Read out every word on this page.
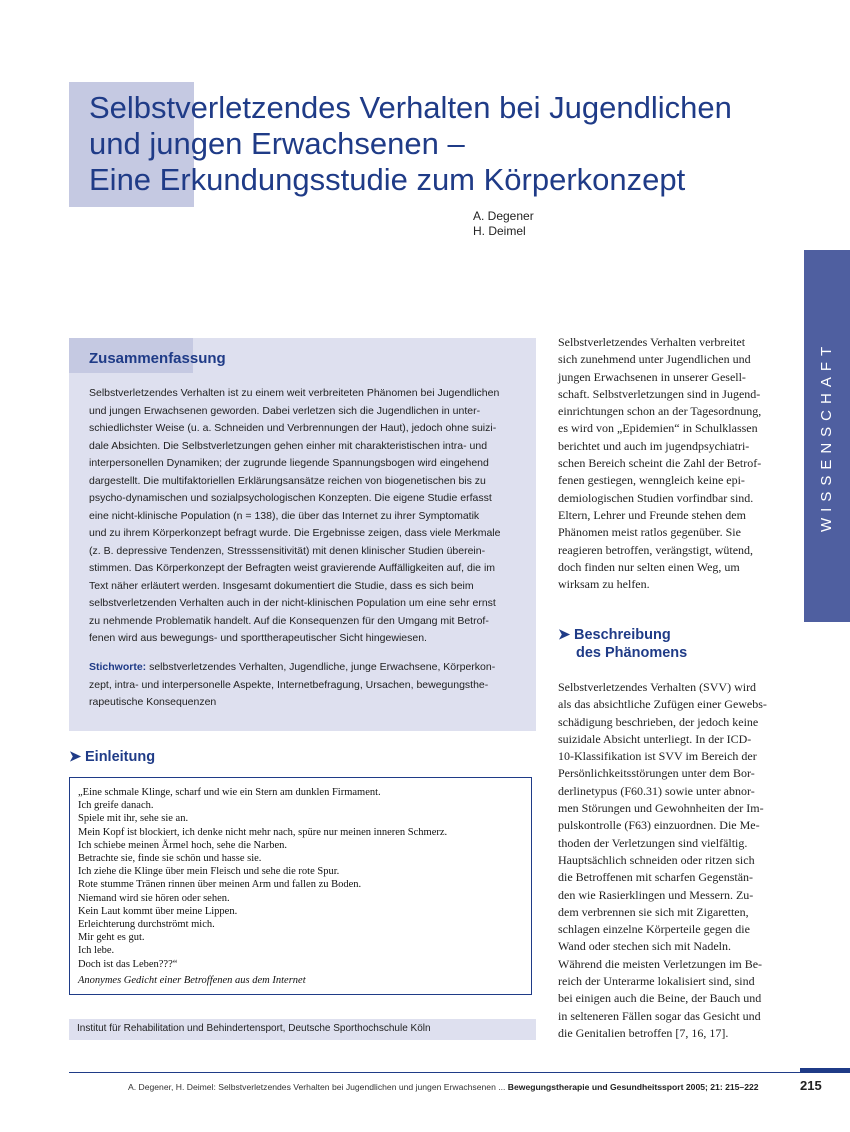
Selbstverletzendes Verhalten bei Jugendlichen
und jungen Erwachsenen –
Eine Erkundungsstudie zum Körperkonzept
A. Degener
H. Deimel
WISSENSCHAFT
Zusammenfassung

Selbstverletzendes Verhalten ist zu einem weit verbreiteten Phänomen bei Jugendlichen
und jungen Erwachsenen geworden. Dabei verletzen sich die Jugendlichen in unter-
schiedlichster Weise (u. a. Schneiden und Verbrennungen der Haut), jedoch ohne suizi-
dale Absichten. Die Selbstverletzungen gehen einher mit charakteristischen intra- und
interpersonellen Dynamiken; der zugrunde liegende Spannungsbogen wird eingehend
dargestellt. Die multifaktoriellen Erklärungsansätze reichen von biogenetischen bis zu
psycho-dynamischen und sozialpsychologischen Konzepten. Die eigene Studie erfasst
eine nicht-klinische Population (n = 138), die über das Internet zu ihrer Symptomatik
und zu ihrem Körperkonzept befragt wurde. Die Ergebnisse zeigen, dass viele Merkmale
(z. B. depressive Tendenzen, Stresssensitivität) mit denen klinischer Studien überein-
stimmen. Das Körperkonzept der Befragten weist gravierende Auffälligkeiten auf, die im
Text näher erläutert werden. Insgesamt dokumentiert die Studie, dass es sich beim
selbstverletzenden Verhalten auch in der nicht-klinischen Population um eine sehr ernst
zu nehmende Problematik handelt. Auf die Konsequenzen für den Umgang mit Betrof-
fenen wird aus bewegungs- und sporttherapeutischer Sicht hingewiesen.

Stichworte: selbstverletzendes Verhalten, Jugendliche, junge Erwachsene, Körperkon-
zept, intra- und interpersonelle Aspekte, Internetbefragung, Ursachen, bewegungsthe-
rapeutische Konsequenzen

➤ Einleitung

„Eine schmale Klinge, scharf und wie ein Stern am dunklen Firmament.
Ich greife danach.
Spiele mit ihr, sehe sie an.
Mein Kopf ist blockiert, ich denke nicht mehr nach, spüre nur meinen inneren Schmerz.
Ich schiebe meinen Ärmel hoch, sehe die Narben.
Betrachte sie, finde sie schön und hasse sie.
Ich ziehe die Klinge über mein Fleisch und sehe die rote Spur.
Rote stumme Tränen rinnen über meinen Arm und fallen zu Boden.
Niemand wird sie hören oder sehen.
Kein Laut kommt über meine Lippen.
Erleichterung durchströmt mich.
Mir geht es gut.
Ich lebe.
Doch ist das Leben???“

Anonymes Gedicht einer Betroffenen aus dem Internet

Institut für Rehabilitation und Behindertensport, Deutsche Sporthochschule Köln

Selbstverletzendes Verhalten verbreitet
sich zunehmend unter Jugendlichen und
jungen Erwachsenen in unserer Gesell-
schaft. Selbstverletzungen sind in Jugend-
einrichtungen schon an der Tagesordnung,
es wird von „Epidemien“ in Schulklassen
berichtet und auch im jugendpsychiatri-
schen Bereich scheint die Zahl der Betrof-
fenen gestiegen, wenngleich keine epi-
demiologischen Studien vorfindbar sind.
Eltern, Lehrer und Freunde stehen dem
Phänomen meist ratlos gegenüber. Sie
reagieren betroffen, verängstigt, wütend,
doch finden nur selten einen Weg, um
wirksam zu helfen.

➤ Beschreibung
des Phänomens

Selbstverletzendes Verhalten (SVV) wird
als das absichtliche Zufügen einer Gewebs-
schädigung beschrieben, der jedoch keine
suizidale Absicht unterliegt. In der ICD-
10-Klassifikation ist SVV im Bereich der
Persönlichkeitsstörungen unter dem Bor-
derlinetypus (F60.31) sowie unter abnor-
men Störungen und Gewohnheiten der Im-
pulskontrolle (F63) einzuordnen. Die Me-
thoden der Verletzungen sind vielfältig.
Hauptsächlich schneiden oder ritzen sich
die Betroffenen mit scharfen Gegenstän-
den wie Rasierklingen und Messern. Zu-
dem verbrennen sie sich mit Zigaretten,
schlagen einzelne Körperteile gegen die
Wand oder stechen sich mit Nadeln.
Während die meisten Verletzungen im Be-
reich der Unterarme lokalisiert sind, sind
bei einigen auch die Beine, der Bauch und
in selteneren Fällen sogar das Gesicht und
die Genitalien betroffen [7, 16, 17].

A. Degener, H. Deimel: Selbstverletzendes Verhalten bei Jugendlichen und jungen Erwachsenen ... Bewegungstherapie und Gesundheitssport 2005; 21: 215–222	215
